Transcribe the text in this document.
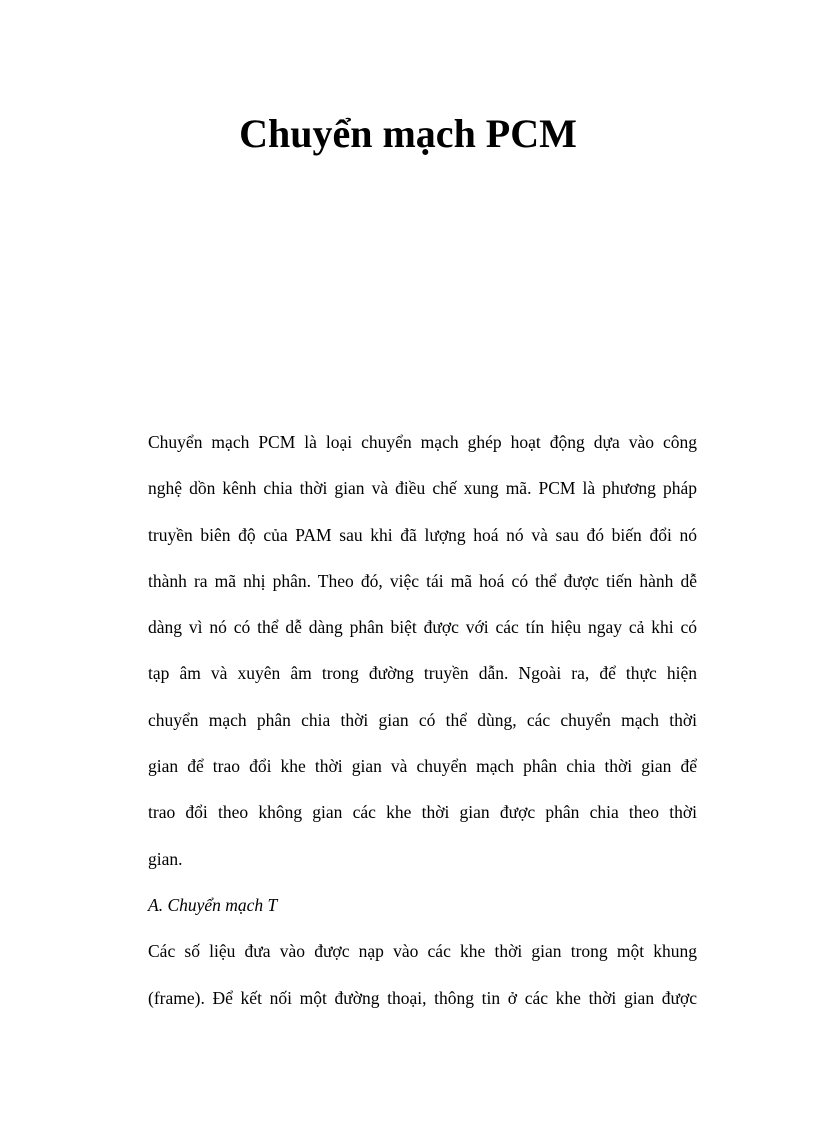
Chuyển mạch PCM

Chuyển mạch PCM là loại chuyển mạch ghép hoạt động dựa vào công
nghệ dồn kênh chia thời gian và điều chế xung mã. PCM là phương pháp
truyền biên độ của PAM sau khi đã lượng hoá nó và sau đó biến đổi nó
thành ra mã nhị phân. Theo đó, việc tái mã hoá có thể được tiến hành dễ
dàng vì nó có thể dễ dàng phân biệt được với các tín hiệu ngay cả khi có
tạp âm và xuyên âm trong đường truyền dẫn. Ngoài ra, để thực hiện
chuyển mạch phân chia thời gian có thể dùng, các chuyển mạch thời
gian để trao đổi khe thời gian và chuyển mạch phân chia thời gian để
trao đổi theo không gian các khe thời gian được phân chia theo thời
gian.

A. Chuyển mạch T

Các số liệu đưa vào được nạp vào các khe thời gian trong một khung
(frame). Để kết nối một đường thoại, thông tin ở các khe thời gian được
